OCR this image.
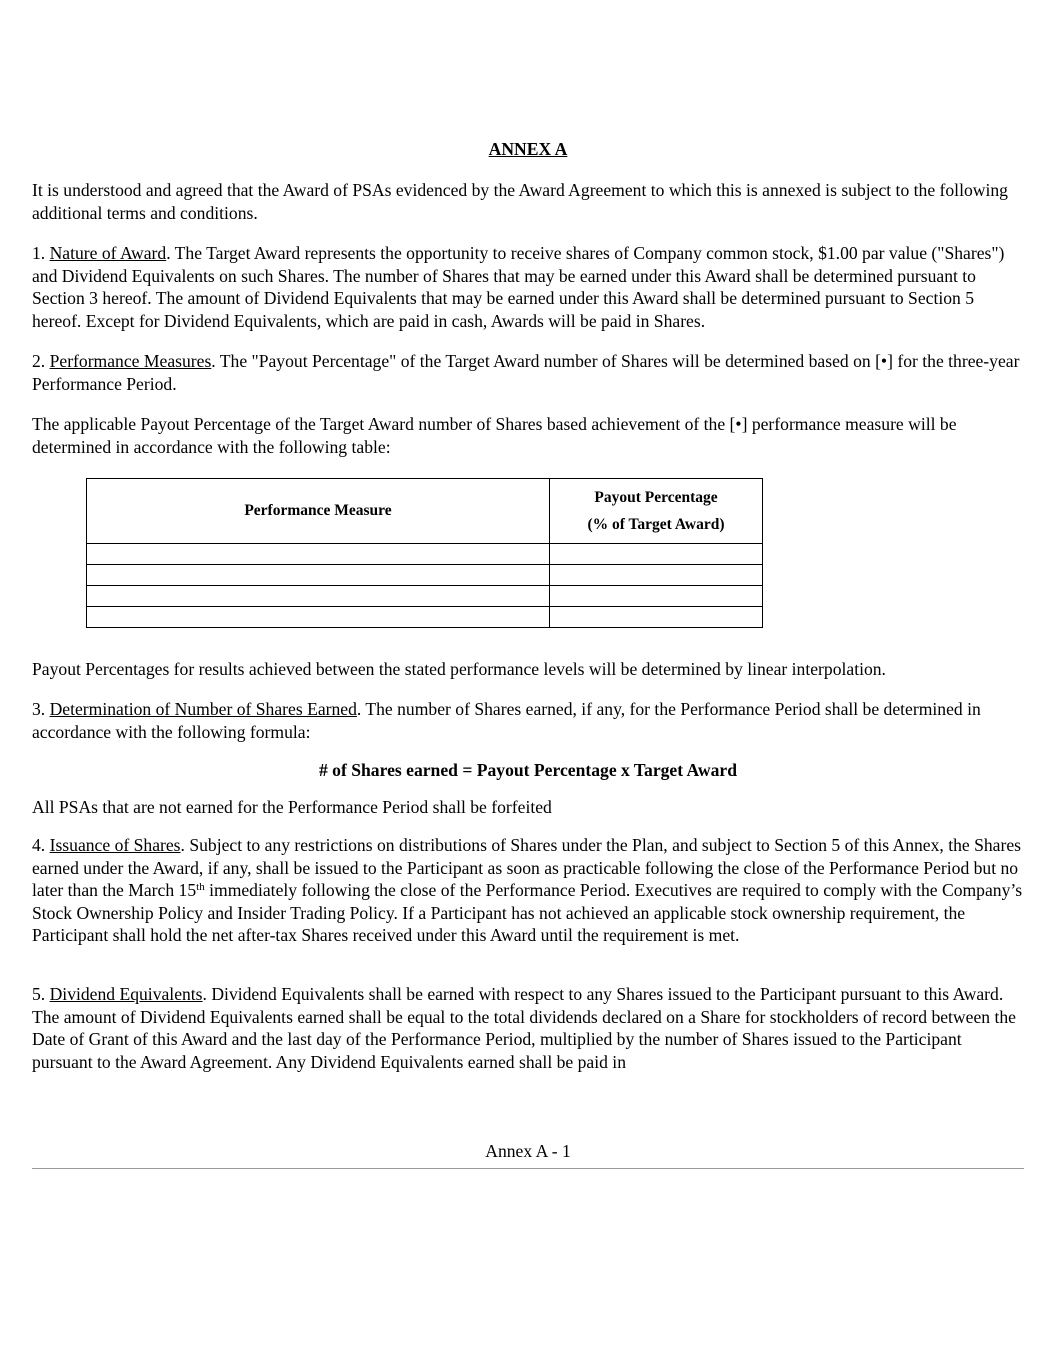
ANNEX A

It is understood and agreed that the Award of PSAs evidenced by the Award Agreement to which this is annexed is subject to the following additional terms and conditions.

1. Nature of Award. The Target Award represents the opportunity to receive shares of Company common stock, $1.00 par value ("Shares") and Dividend Equivalents on such Shares. The number of Shares that may be earned under this Award shall be determined pursuant to Section 3 hereof. The amount of Dividend Equivalents that may be earned under this Award shall be determined pursuant to Section 5 hereof. Except for Dividend Equivalents, which are paid in cash, Awards will be paid in Shares.

2. Performance Measures. The "Payout Percentage" of the Target Award number of Shares will be determined based on [•] for the three-year Performance Period.

The applicable Payout Percentage of the Target Award number of Shares based achievement of the [•] performance measure will be determined in accordance with the following table:

Performance Measure	Payout Percentage
(% of Target Award)

Payout Percentages for results achieved between the stated performance levels will be determined by linear interpolation.

3. Determination of Number of Shares Earned. The number of Shares earned, if any, for the Performance Period shall be determined in accordance with the following formula:

# of Shares earned = Payout Percentage x Target Award

All PSAs that are not earned for the Performance Period shall be forfeited

4. Issuance of Shares. Subject to any restrictions on distributions of Shares under the Plan, and subject to Section 5 of this Annex, the Shares earned under the Award, if any, shall be issued to the Participant as soon as practicable following the close of the Performance Period but no later than the March 15th immediately following the close of the Performance Period. Executives are required to comply with the Company’s Stock Ownership Policy and Insider Trading Policy. If a Participant has not achieved an applicable stock ownership requirement, the Participant shall hold the net after-tax Shares received under this Award until the requirement is met.

5. Dividend Equivalents. Dividend Equivalents shall be earned with respect to any Shares issued to the Participant pursuant to this Award. The amount of Dividend Equivalents earned shall be equal to the total dividends declared on a Share for stockholders of record between the Date of Grant of this Award and the last day of the Performance Period, multiplied by the number of Shares issued to the Participant pursuant to the Award Agreement. Any Dividend Equivalents earned shall be paid in

Annex A - 1
